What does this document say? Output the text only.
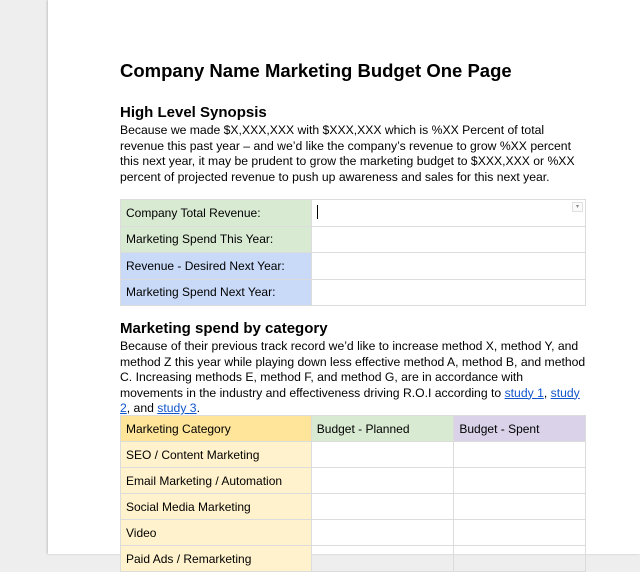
Company Name Marketing Budget One Page
High Level Synopsis
Because we made $X,XXX,XXX with $XXX,XXX which is %XX Percent of total revenue this past year – and we’d like the company’s revenue to grow %XX percent this next year, it may be prudent to grow the marketing budget to $XXX,XXX or %XX percent of projected revenue to push up awareness and sales for this next year.
Company Total Revenue:	▾

Marketing Spend This Year:	
Revenue - Desired Next Year:	
Marketing Spend Next Year:	
Marketing spend by category
Because of their previous track record we’d like to increase method X, method Y, and method Z this year while playing down less effective method A, method B, and method C. Increasing methods E, method F, and method G, are in accordance with movements in the industry and effectiveness driving R.O.I according to study 1, study 2, and study 3.
Marketing Category	Budget - Planned	Budget - Spent
SEO / Content Marketing		
Email Marketing / Automation		
Social Media Marketing		
Video		
Paid Ads / Remarketing		
